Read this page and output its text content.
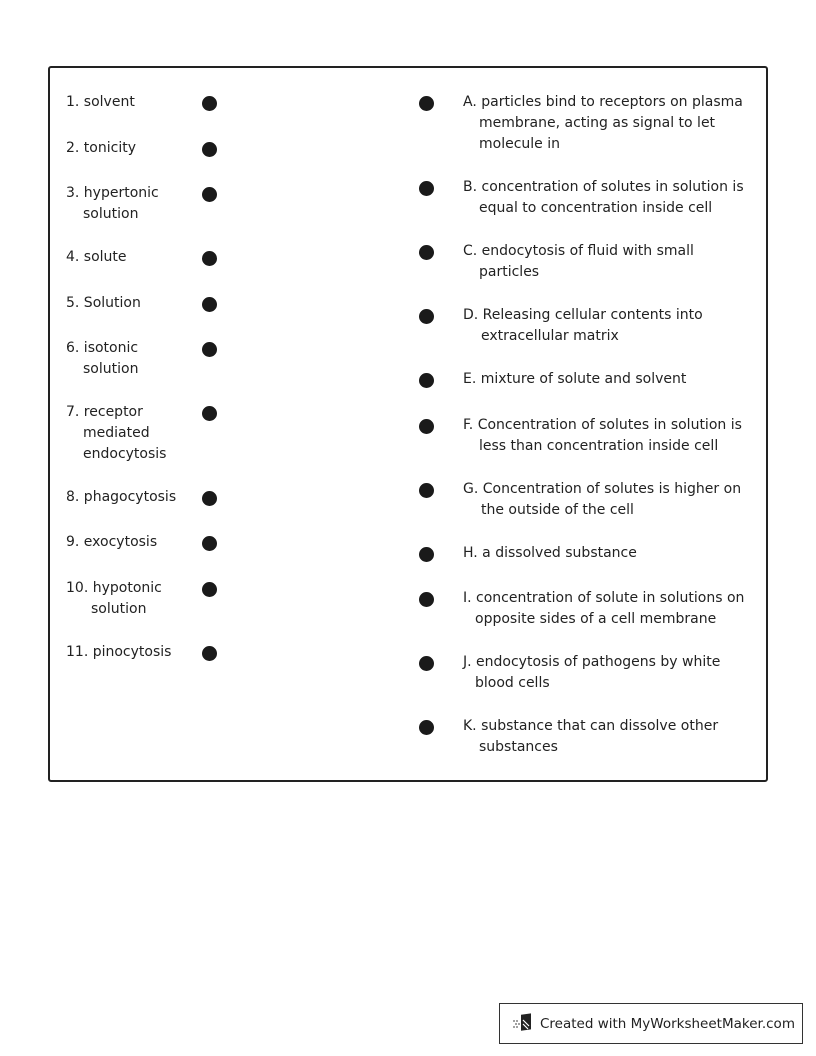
1. solvent
2. tonicity
3. hypertonic
solution
4. solute
5. Solution
6. isotonic
solution
7. receptor
mediated
endocytosis
8. phagocytosis
9. exocytosis
10. hypotonic
solution
11. pinocytosis
A. particles bind to receptors on plasma
membrane, acting as signal to let
molecule in
B. concentration of solutes in solution is
equal to concentration inside cell
C. endocytosis of fluid with small
particles
D. Releasing cellular contents into
extracellular matrix
E. mixture of solute and solvent
F. Concentration of solutes in solution is
less than concentration inside cell
G. Concentration of solutes is higher on
the outside of the cell
H. a dissolved substance
I. concentration of solute in solutions on
opposite sides of a cell membrane
J. endocytosis of pathogens by white
blood cells
K. substance that can dissolve other
substances
Created with MyWorksheetMaker.com
